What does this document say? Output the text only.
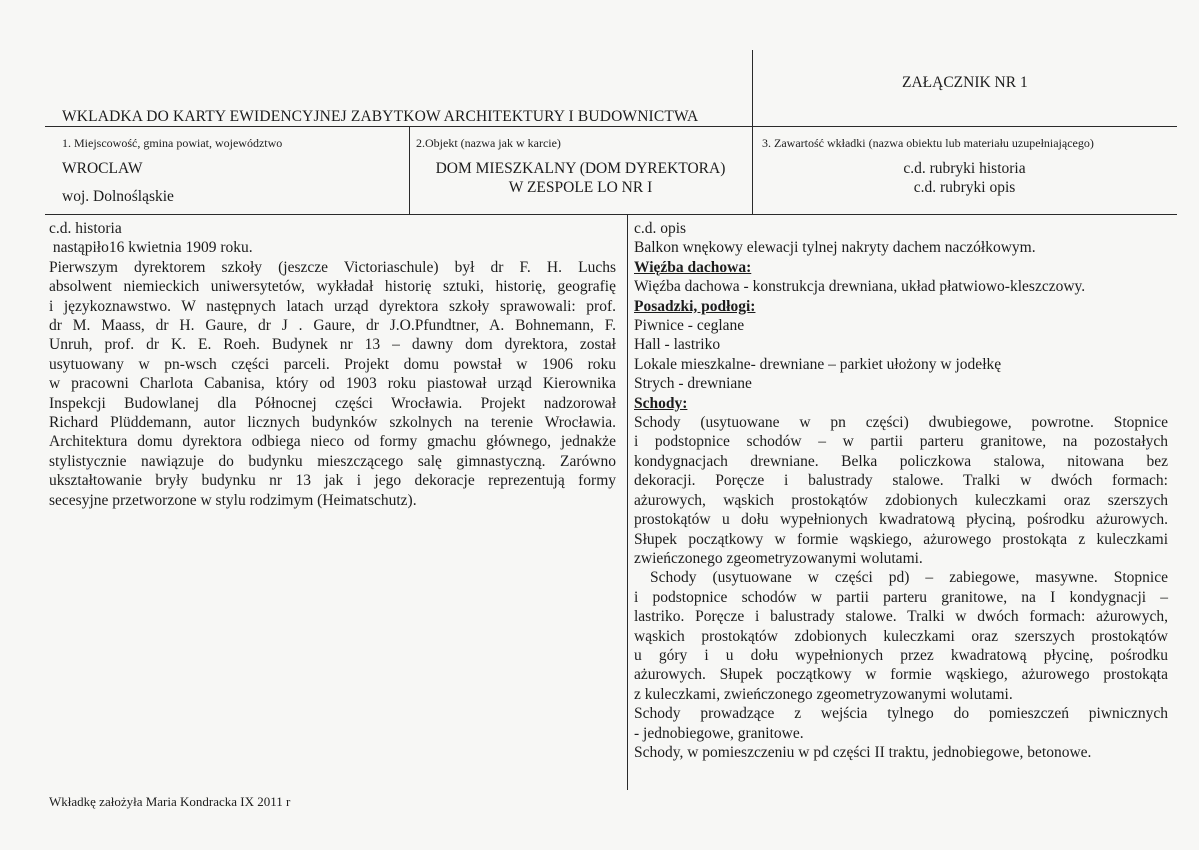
ZAŁĄCZNIK NR 1
WKLADKA DO KARTY EWIDENCYJNEJ ZABYTKOW ARCHITEKTURY I BUDOWNICTWA
1. Miejscowość, gmina powiat, województwo
WROCLAW
woj. Dolnośląskie
2.Objekt (nazwa jak w karcie)
DOM MIESZKALNY (DOM DYREKTORA)
W ZESPOLE LO NR I
3. Zawartość wkładki (nazwa obiektu lub materiału uzupełniającego)
c.d. rubryki historia
c.d. rubryki opis

c.d. historia

nastąpiło16 kwietnia 1909 roku.

Pierwszym dyrektorem szkoły (jeszcze Victoriaschule) był dr F. H. Luchs

absolwent niemieckich uniwersytetów, wykładał historię sztuki, historię, geografię

i językoznawstwo. W następnych latach urząd dyrektora szkoły sprawowali: prof.

dr M. Maass, dr H. Gaure, dr J . Gaure, dr J.O.Pfundtner, A. Bohnemann, F.

Unruh, prof. dr K. E. Roeh. Budynek nr 13 – dawny dom dyrektora, został

usytuowany w pn-wsch części parceli. Projekt domu powstał w 1906 roku

w pracowni Charlota Cabanisa, który od 1903 roku piastował urząd Kierownika

Inspekcji Budowlanej dla Północnej części Wrocławia. Projekt nadzorował

Richard Plüddemann, autor licznych budynków szkolnych na terenie Wrocławia.

Architektura domu dyrektora odbiega nieco od formy gmachu głównego, jednakże

stylistycznie nawiązuje do budynku mieszczącego salę gimnastyczną. Zarówno

ukształtowanie bryły budynku nr 13 jak i jego dekoracje reprezentują formy

secesyjne przetworzone w stylu rodzimym (Heimatschutz).

c.d. opis

Balkon wnękowy elewacji tylnej nakryty dachem naczółkowym.

Więźba dachowa:

Więźba dachowa - konstrukcja drewniana, układ płatwiowo-kleszczowy.

Posadzki, podłogi:

Piwnice - ceglane

Hall - lastriko

Lokale mieszkalne- drewniane – parkiet ułożony w jodełkę

Strych - drewniane

Schody:

Schody (usytuowane w pn części) dwubiegowe, powrotne. Stopnice

i podstopnice schodów – w partii parteru granitowe, na pozostałych

kondygnacjach drewniane. Belka policzkowa stalowa, nitowana bez

dekoracji. Poręcze i balustrady stalowe. Tralki w dwóch formach:

ażurowych, wąskich prostokątów zdobionych kuleczkami oraz szerszych

prostokątów u dołu wypełnionych kwadratową płyciną, pośrodku ażurowych.

Słupek początkowy w formie wąskiego, ażurowego prostokąta z kuleczkami

zwieńczonego zgeometryzowanymi wolutami.

Schody (usytuowane w części pd) – zabiegowe, masywne. Stopnice

i podstopnice schodów w partii parteru granitowe, na I kondygnacji –

lastriko. Poręcze i balustrady stalowe. Tralki w dwóch formach: ażurowych,

wąskich prostokątów zdobionych kuleczkami oraz szerszych prostokątów

u góry i u dołu wypełnionych przez kwadratową płycinę, pośrodku

ażurowych. Słupek początkowy w formie wąskiego, ażurowego prostokąta

z kuleczkami, zwieńczonego zgeometryzowanymi wolutami.

Schody prowadzące z wejścia tylnego do pomieszczeń piwnicznych

- jednobiegowe, granitowe.

Schody, w pomieszczeniu w pd części II traktu, jednobiegowe, betonowe.

Wkładkę założyła Maria Kondracka IX 2011 r
